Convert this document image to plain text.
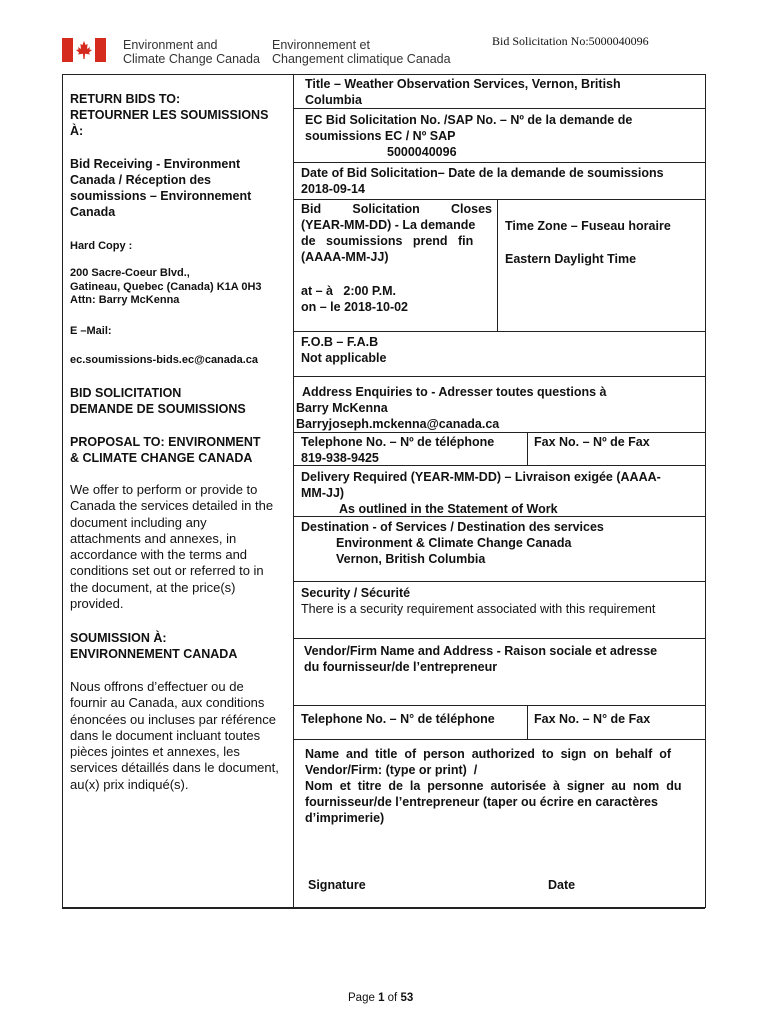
Environment and
Climate Change Canada
Environnement et
Changement climatique Canada
Bid Solicitation No:5000040096
RETURN BIDS TO:
RETOURNER LES SOUMISSIONS
À:
Bid Receiving - Environment
Canada / Réception des
soumissions – Environnement
Canada
Hard Copy :
200 Sacre-Coeur Blvd.,
Gatineau, Quebec (Canada) K1A 0H3
Attn: Barry McKenna
E –Mail:
ec.soumissions-bids.ec@canada.ca
BID SOLICITATION
DEMANDE DE SOUMISSIONS
PROPOSAL TO: ENVIRONMENT
& CLIMATE CHANGE CANADA
We offer to perform or provide to
Canada the services detailed in the
document including any
attachments and annexes, in
accordance with the terms and
conditions set out or referred to in
the document, at the price(s)
provided.
SOUMISSION À:
ENVIRONNEMENT CANADA
Nous offrons d’effectuer ou de
fournir au Canada, aux conditions
énoncées ou incluses par référence
dans le document incluant toutes
pièces jointes et annexes, les
services détaillés dans le document,
au(x) prix indiqué(s).
Title – Weather Observation Services, Vernon, British
Columbia
EC Bid Solicitation No. /SAP No. – Nº de la demande de
soumissions EC / Nº SAP
5000040096
Date of Bid Solicitation– Date de la demande de soumissions
2018-09-14
Bid         Solicitation         Closes
(YEAR-MM-DD) - La demande
de   soumissions   prend   fin
(AAAA-MM-JJ)
Time Zone – Fuseau horaire
Eastern Daylight Time
at – à   2:00 P.M.
on – le 2018-10-02
F.O.B – F.A.B
Not applicable
Address Enquiries to - Adresser toutes questions à
Barry McKenna
Barryjoseph.mckenna@canada.ca
Telephone No. – Nº de téléphone
819-938-9425
Fax No. – Nº de Fax
Delivery Required (YEAR-MM-DD) – Livraison exigée (AAAA-
MM-JJ)
As outlined in the Statement of Work
Destination - of Services / Destination des services
Environment & Climate Change Canada
Vernon, British Columbia
Security / Sécurité
There is a security requirement associated with this requirement
Vendor/Firm Name and Address - Raison sociale et adresse
du fournisseur/de l’entrepreneur
Telephone No. – N° de téléphone	Fax No. – N° de Fax
Name  and  title  of  person  authorized  to  sign  on  behalf  of
Vendor/Firm: (type or print)  /
Nom  et  titre  de  la  personne  autorisée  à  signer  au  nom  du
fournisseur/de l’entrepreneur (taper ou écrire en caractères
d’imprimerie)
Signature	Date
Page 1 of 53
